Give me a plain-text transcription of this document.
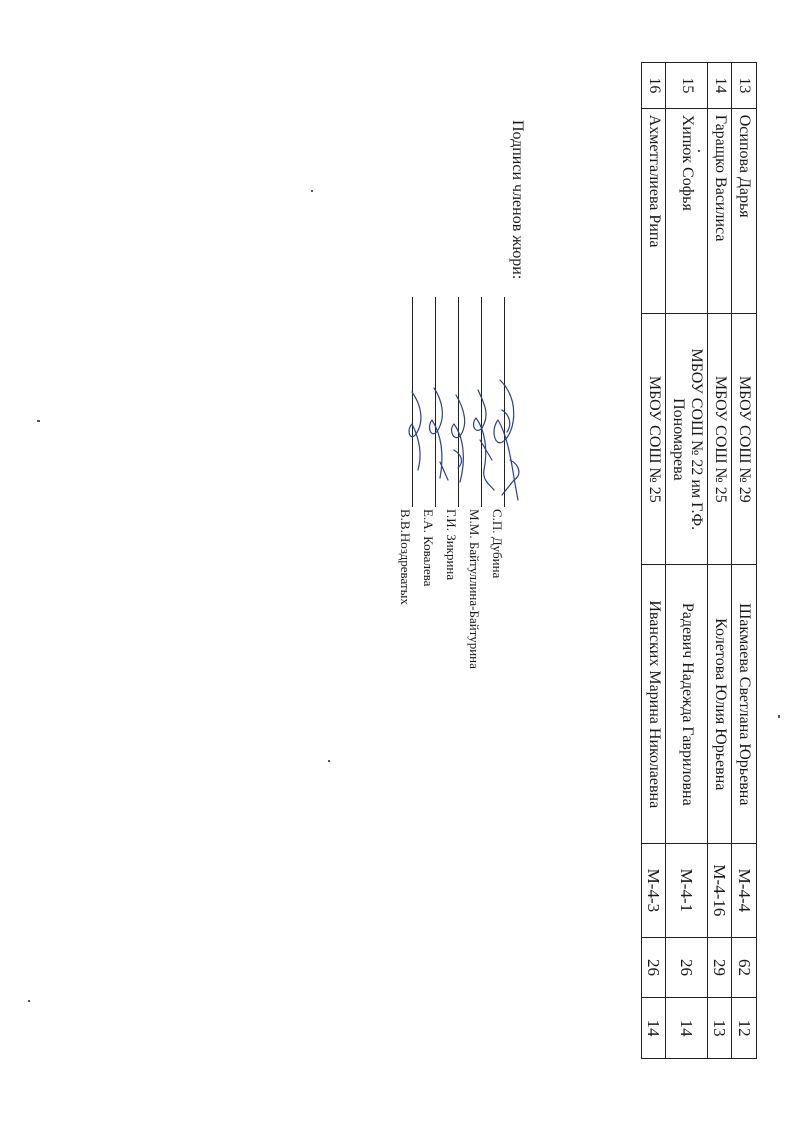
13	Осипова Дарья	МБОУ СОШ № 29	Шакмаева Светлана Юрьевна	М-4-4	62	12
14	Гаращко Василиса	МБОУ СОШ № 25	Колетова Юлия Юрьевна	М-4-16	29	13
15	Хипюк Софья	МБОУ СОШ № 22 им Г.Ф. Пономарева	Радевич Надежда Гавриловна	М-4-1	26	14
16	Ахметгалиева Рипа	МБОУ СОШ № 25	Иванских Марина Николаевна	М-4-3	26	14
Подписи членов жюри:
С.П. Дубина
М.М. Байтуллина-Байтурина
Г.И. Зикрина
Е.А. Ковалева
В.В.Ноздреватых
